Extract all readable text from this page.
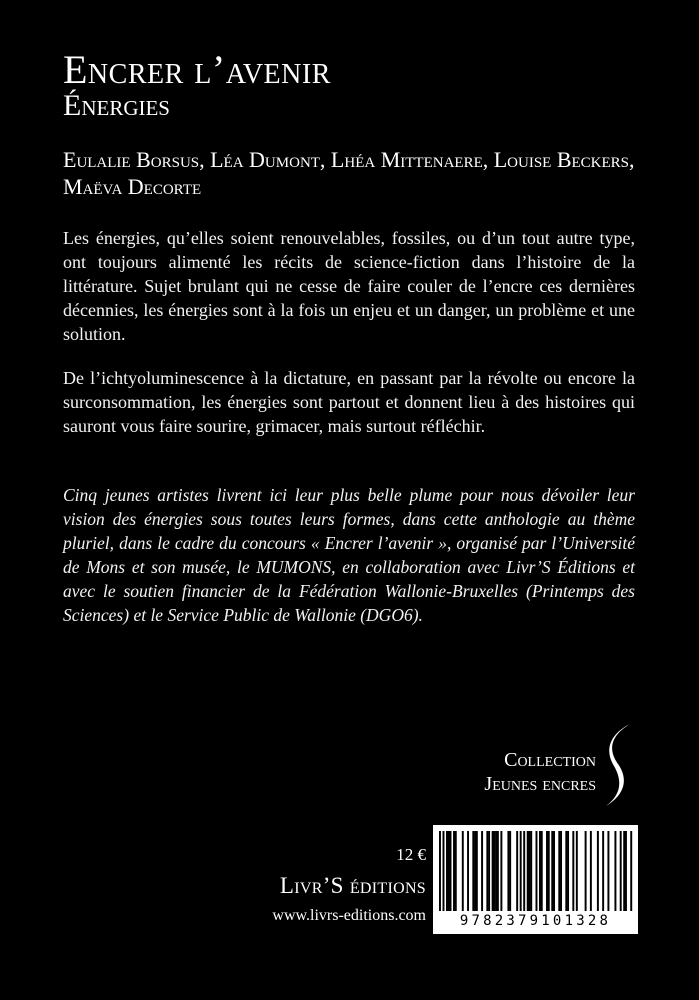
Encrer l’avenir
Énergies
Eulalie Borsus, Léa Dumont, Lhéa Mittenaere, Louise Beckers, Maëva Decorte
Les énergies, qu’elles soient renouvelables, fossiles, ou d’un tout autre type, ont toujours alimenté les récits de science-fiction dans l’histoire de la littérature. Sujet brulant qui ne cesse de faire couler de l’encre ces dernières décennies, les énergies sont à la fois un enjeu et un danger, un problème et une solution.
De l’ichtyoluminescence à la dictature, en passant par la révolte ou encore la surconsommation, les énergies sont partout et donnent lieu à des histoires qui sauront vous faire sourire, grimacer, mais surtout réfléchir.
Cinq jeunes artistes livrent ici leur plus belle plume pour nous dévoiler leur vision des énergies sous toutes leurs formes, dans cette anthologie au thème pluriel, dans le cadre du concours « Encrer l’avenir », organisé par l’Université de Mons et son musée, le MUMONS, en collaboration avec Livr’S Éditions et avec le soutien financier de la Fédération Wallonie-Bruxelles (Printemps des Sciences) et le Service Public de Wallonie (DGO6).
Collection
Jeunes encres
12 €
Livr’S éditions
www.livrs-editions.com	9782379101328
